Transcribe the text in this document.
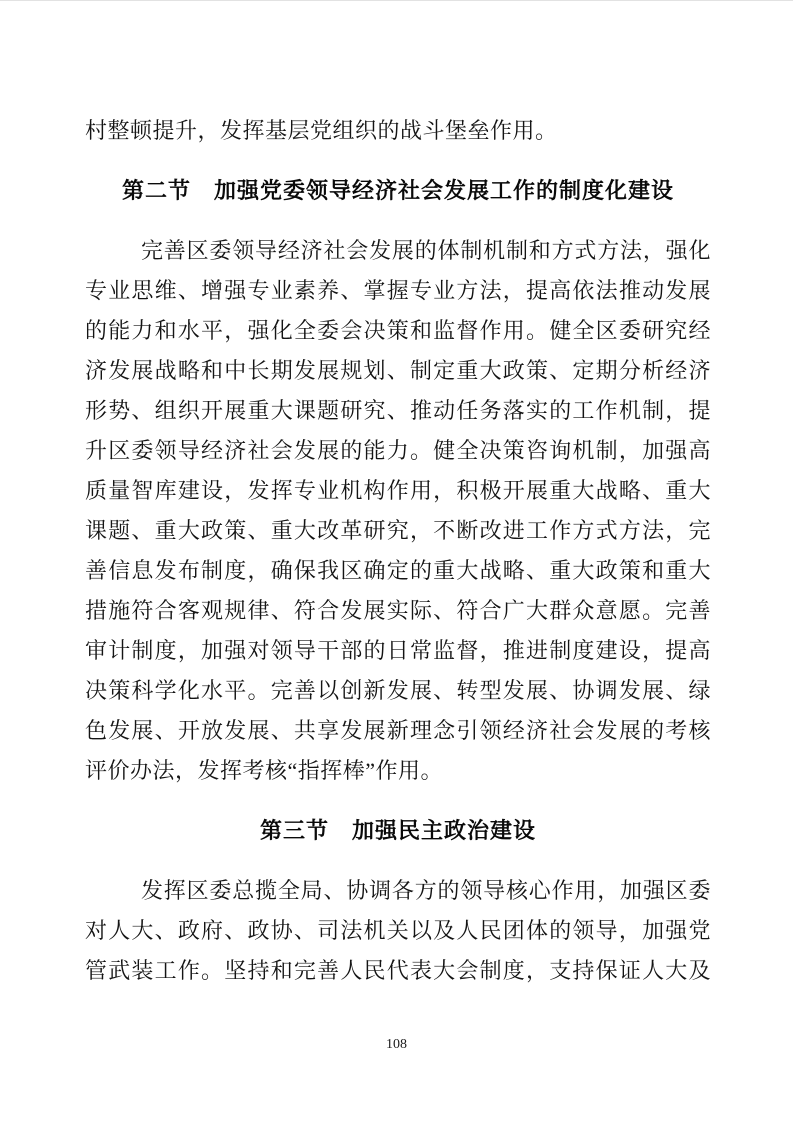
村整顿提升，发挥基层党组织的战斗堡垒作用。
第二节　加强党委领导经济社会发展工作的制度化建设
完善区委领导经济社会发展的体制机制和方式方法，强化
专业思维、增强专业素养、掌握专业方法，提高依法推动发展
的能力和水平，强化全委会决策和监督作用。健全区委研究经
济发展战略和中长期发展规划、制定重大政策、定期分析经济
形势、组织开展重大课题研究、推动任务落实的工作机制，提
升区委领导经济社会发展的能力。健全决策咨询机制，加强高
质量智库建设，发挥专业机构作用，积极开展重大战略、重大
课题、重大政策、重大改革研究，不断改进工作方式方法，完
善信息发布制度，确保我区确定的重大战略、重大政策和重大
措施符合客观规律、符合发展实际、符合广大群众意愿。完善
审计制度，加强对领导干部的日常监督，推进制度建设，提高
决策科学化水平。完善以创新发展、转型发展、协调发展、绿
色发展、开放发展、共享发展新理念引领经济社会发展的考核
评价办法，发挥考核“指挥棒”作用。
第三节　加强民主政治建设
发挥区委总揽全局、协调各方的领导核心作用，加强区委
对人大、政府、政协、司法机关以及人民团体的领导，加强党
管武装工作。坚持和完善人民代表大会制度，支持保证人大及
108
